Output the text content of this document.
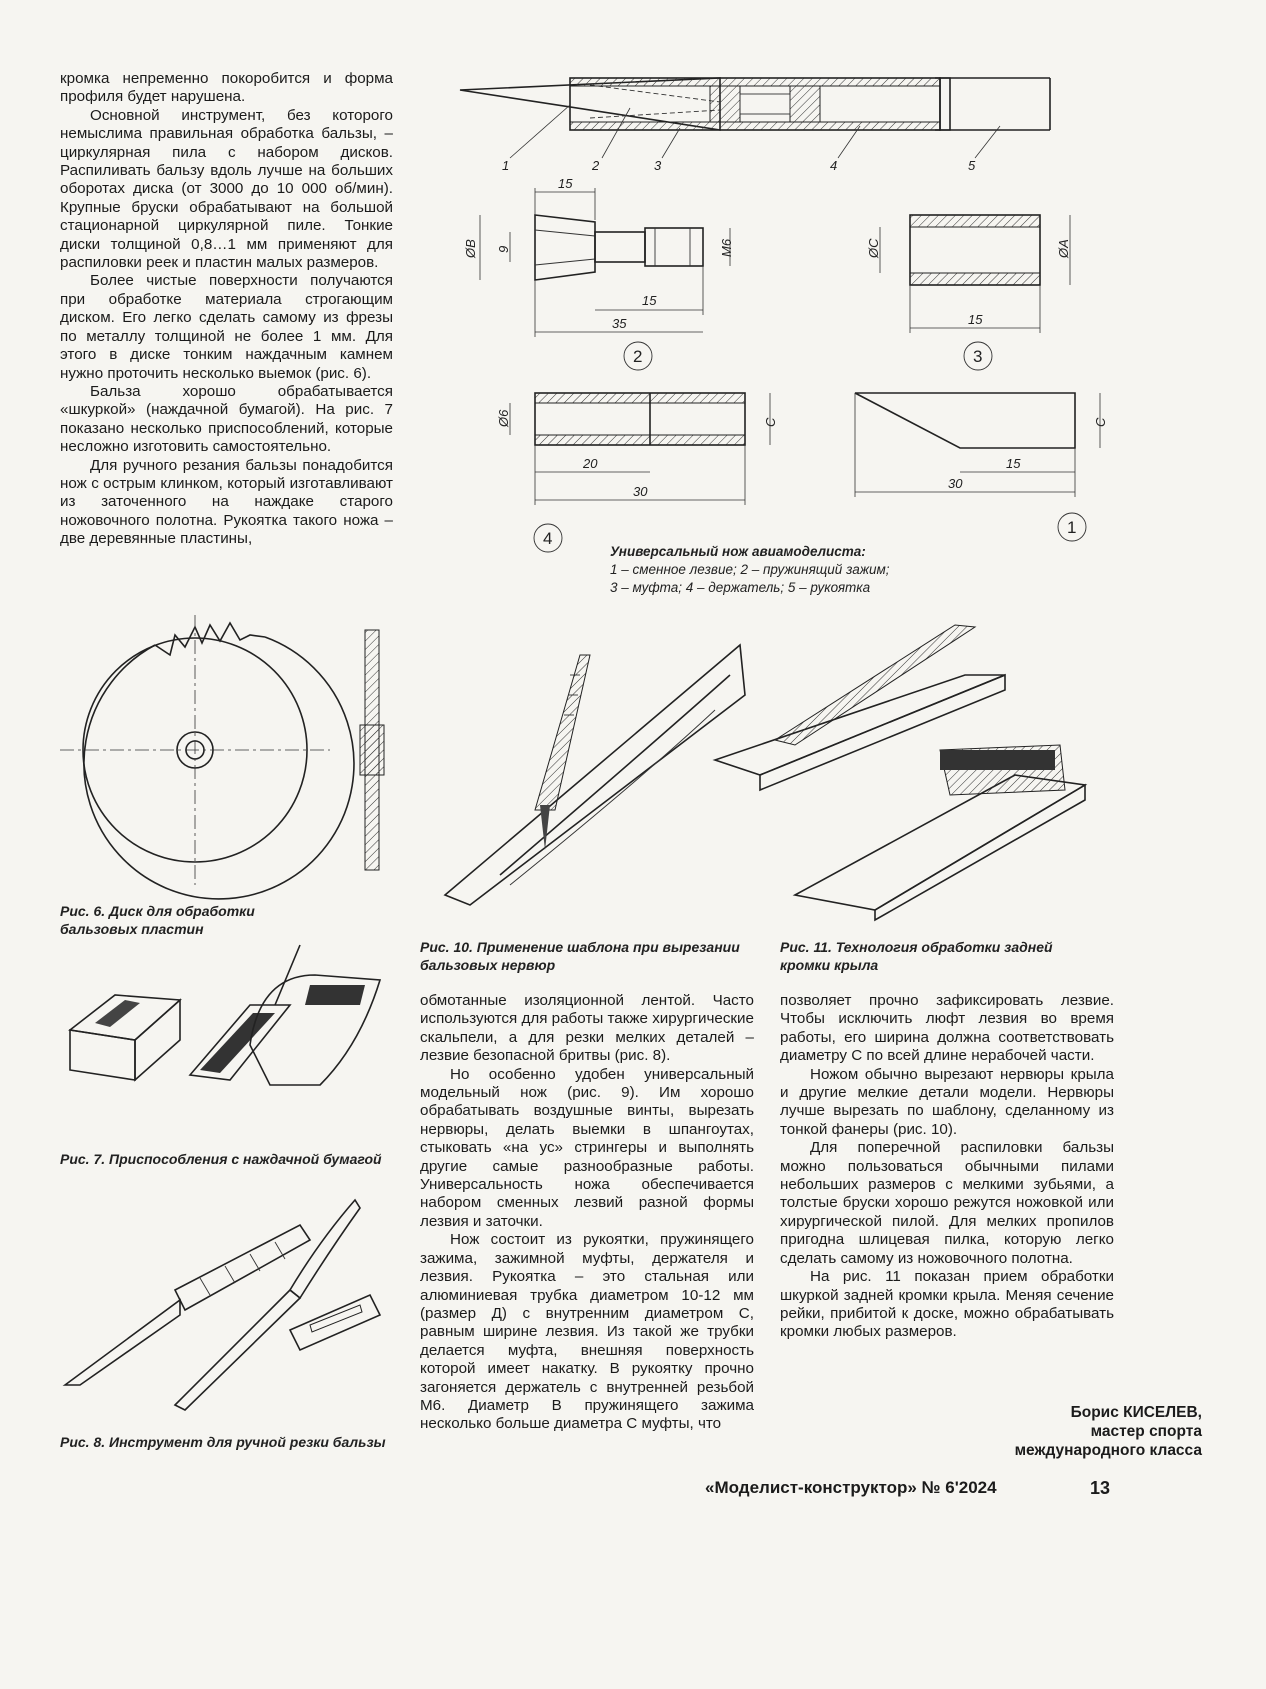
кромка непременно покоробится и форма профиля будет нарушена.

Основной инструмент, без которого немыслима правильная обработка бальзы, – циркулярная пила с набором дисков. Распиливать бальзу вдоль лучше на больших оборотах диска (от 3000 до 10 000 об/мин). Крупные бруски обрабатывают на большой стационарной циркулярной пиле. Тонкие диски толщиной 0,8…1 мм применяют для распиловки реек и пластин малых размеров.

Более чистые поверхности получаются при обработке материала строгающим диском. Его легко сделать самому из фрезы по металлу толщиной не более 1 мм. Для этого в диске тонким наждачным камнем нужно проточить несколько выемок (рис. 6).

Бальза хорошо обрабатывается «шкуркой» (наждачной бумагой). На рис. 7 показано несколько приспособлений, которые несложно изготовить самостоятельно.

Для ручного резания бальзы понадобится нож с острым клинком, который изготавливают из заточенного на наждаке старого ножовочного полотна. Рукоятка такого ножа – две деревянные пластины,

1	2	3	4	5
15
ØB 9	M6
15
35
2
ØC	ØA
15
3
Ø6	C
20
30
4
C
15
30
1
Универсальный нож авиамоделиста:
1 – сменное лезвие; 2 – пружинящий зажим;
3 – муфта; 4 – держатель; 5 – рукоятка
Рис. 6. Диск для обработки
бальзовых пластин
Рис. 10. Применение шаблона при вырезании
бальзовых нервюр
Рис. 11. Технология обработки задней
кромки крыла
Рис. 7. Приспособления с наждачной бумагой
Рис. 8. Инструмент для ручной резки бальзы

обмотанные изоляционной лентой. Часто используются для работы также хирургические скальпели, а для резки мелких деталей – лезвие безопасной бритвы (рис. 8).

Но особенно удобен универсальный модельный нож (рис. 9). Им хорошо обрабатывать воздушные винты, вырезать нервюры, делать выемки в шпангоутах, стыковать «на ус» стрингеры и выполнять другие самые разнообразные работы. Универсальность ножа обеспечивается набором сменных лезвий разной формы лезвия и заточки.

Нож состоит из рукоятки, пружинящего зажима, зажимной муфты, держателя и лезвия. Рукоятка – это стальная или алюминиевая трубка диаметром 10-12 мм (размер Д) с внутренним диаметром С, равным ширине лезвия. Из такой же трубки делается муфта, внешняя поверхность которой имеет накатку. В рукоятку прочно загоняется держатель с внутренней резьбой М6. Диаметр В пружинящего зажима несколько больше диаметра С муфты, что

позволяет прочно зафиксировать лезвие. Чтобы исключить люфт лезвия во время работы, его ширина должна соответствовать диаметру С по всей длине нерабочей части.

Ножом обычно вырезают нервюры крыла и другие мелкие детали модели. Нервюры лучше вырезать по шаблону, сделанному из тонкой фанеры (рис. 10).

Для поперечной распиловки бальзы можно пользоваться обычными пилами небольших размеров с мелкими зубьями, а толстые бруски хорошо режутся ножовкой или хирургической пилой. Для мелких пропилов пригодна шлицевая пилка, которую легко сделать самому из ножовочного полотна.

На рис. 11 показан прием обработки шкуркой задней кромки крыла. Меняя сечение рейки, прибитой к доске, можно обрабатывать кромки любых размеров.

Борис КИСЕЛЕВ,
мастер спорта
международного класса
«Моделист-конструктор» № 6'2024	13
